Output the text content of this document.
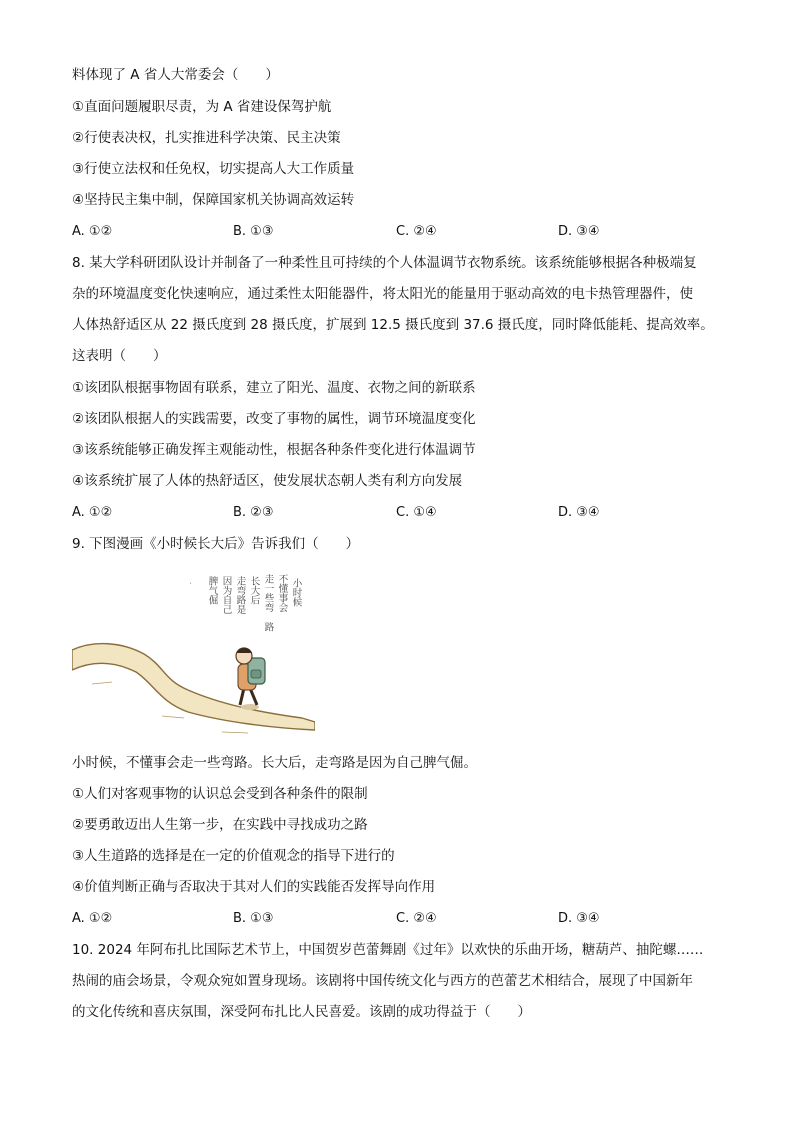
料体现了 A 省人大常委会（　　）
①直面问题履职尽责，为 A 省建设保驾护航
②行使表决权，扎实推进科学决策、民主决策
③行使立法权和任免权，切实提高人大工作质量
④坚持民主集中制，保障国家机关协调高效运转
A. ①②	B. ①③	C. ②④	D. ③④
8. 某大学科研团队设计并制备了一种柔性且可持续的个人体温调节衣物系统。该系统能够根据各种极端复
杂的环境温度变化快速响应，通过柔性太阳能器件，将太阳光的能量用于驱动高效的电卡热管理器件，使
人体热舒适区从 22 摄氏度到 28 摄氏度，扩展到 12.5 摄氏度到 37.6 摄氏度，同时降低能耗、提高效率。
这表明（　　）
①该团队根据事物固有联系，建立了阳光、温度、衣物之间的新联系
②该团队根据人的实践需要，改变了事物的属性，调节环境温度变化
③该系统能够正确发挥主观能动性，根据各种条件变化进行体温调节
④该系统扩展了人体的热舒适区，使发展状态朝人类有利方向发展
A. ①②	B. ②③	C. ①④	D. ③④
9. 下图漫画《小时候长大后》告诉我们（　　）
小时候
不懂事会
走一些弯
路
长大后
走弯路是
因为自己
脾气倔
·
小时候，不懂事会走一些弯路。长大后，走弯路是因为自己脾气倔。
①人们对客观事物的认识总会受到各种条件的限制
②要勇敢迈出人生第一步，在实践中寻找成功之路
③人生道路的选择是在一定的价值观念的指导下进行的
④价值判断正确与否取决于其对人们的实践能否发挥导向作用
A. ①②	B. ①③	C. ②④	D. ③④
10. 2024 年阿布扎比国际艺术节上，中国贺岁芭蕾舞剧《过年》以欢快的乐曲开场，糖葫芦、抽陀螺……
热闹的庙会场景，令观众宛如置身现场。该剧将中国传统文化与西方的芭蕾艺术相结合，展现了中国新年
的文化传统和喜庆氛围，深受阿布扎比人民喜爱。该剧的成功得益于（　　）
